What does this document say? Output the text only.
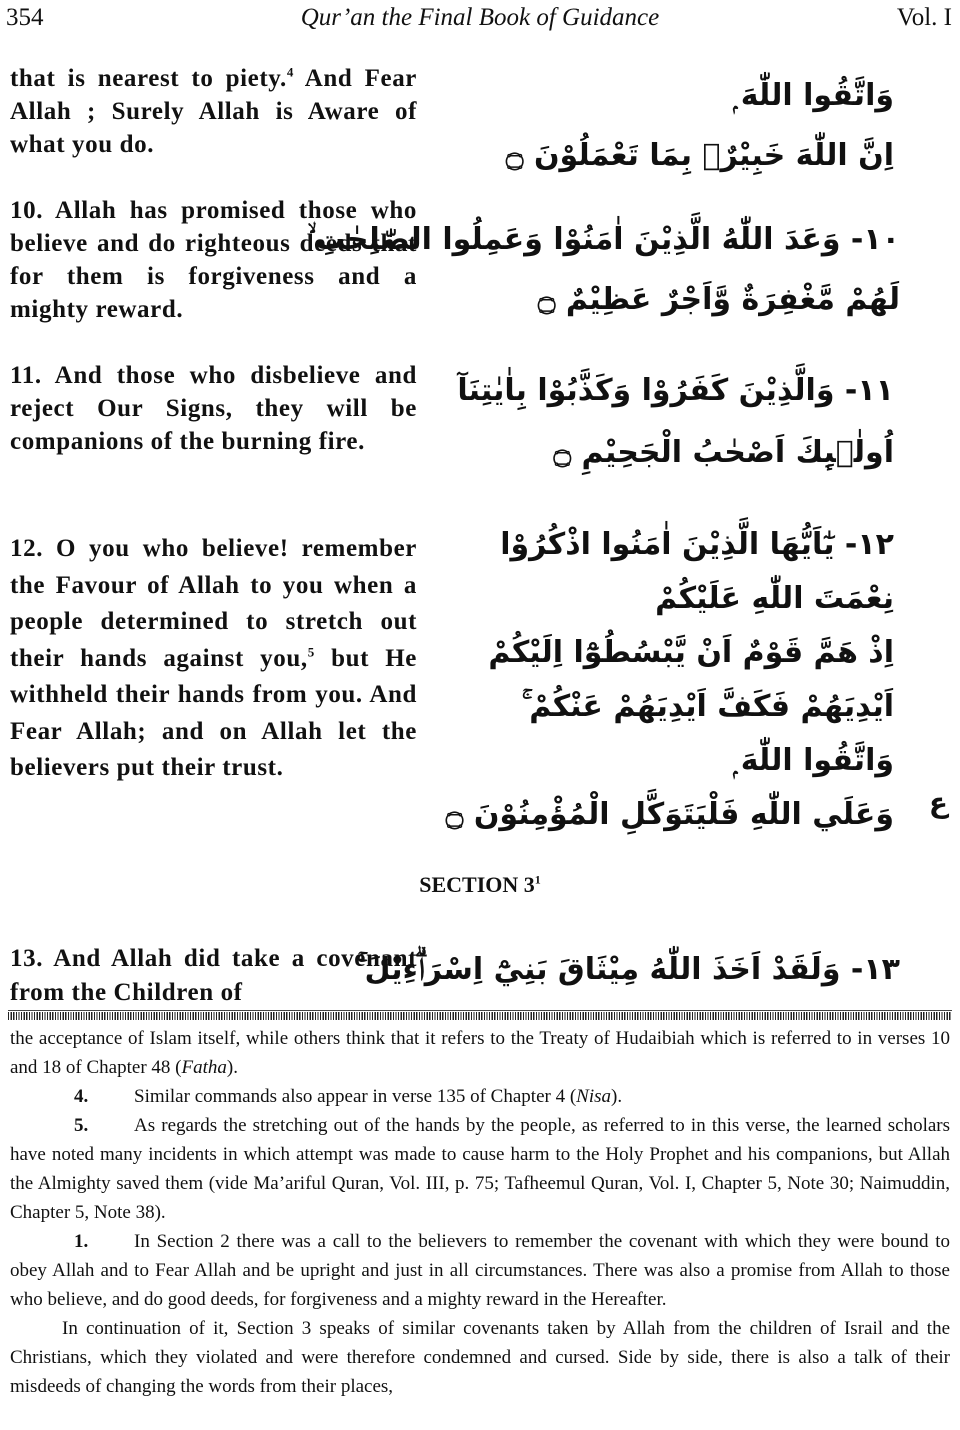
354	Qur’an the Final Book of Guidance	Vol. I
that is nearest to piety.$^4$ And Fear Allah ; Surely Allah is Aware of what you do.
وَاتَّقُوا اللّٰهَ ۭ
اِنَّ اللّٰهَ خَبِيْرٌۢ بِمَا تَعْمَلُوْنَ ۝
10. Allah has promised those who believe and do righteous deeds that for them is forgiveness and a mighty reward.
١٠- وَعَدَ اللّٰهُ الَّذِيْنَ اٰمَنُوْا وَعَمِلُوا الصّٰلِحٰتِ ۙ
لَهُمْ مَّغْفِرَةٌ وَّاَجْرٌ عَظِيْمٌ ۝
11. And those who disbelieve and reject Our Signs, they will be companions of the burning fire.
١١- وَالَّذِيْنَ كَفَرُوْا وَكَذَّبُوْا بِاٰيٰتِنَآ
اُولٰۗىِٕكَ اَصْحٰبُ الْجَحِيْمِ ۝
12. O you who believe! remember the Favour of Allah to you when a people determined to stretch out their hands against you,$^5$ but He withheld their hands from you. And Fear Allah; and on Allah let the believers put their trust.
١٢- يٰٓاَيُّهَا الَّذِيْنَ اٰمَنُوا اذْكُرُوْا
نِعْمَتَ اللّٰهِ عَلَيْكُمْ
اِذْ هَمَّ قَوْمٌ اَنْ يَّبْسُطُوْٓا اِلَيْكُمْ
اَيْدِيَهُمْ فَكَفَّ اَيْدِيَهُمْ عَنْكُمْ ۚ
وَاتَّقُوا اللّٰهَ ۭ
وَعَلَي اللّٰهِ فَلْيَتَوَكَّلِ الْمُؤْمِنُوْنَ ۝ ع
SECTION $3^1$
13. And Allah did take a covenant from the Children of
١٣- وَلَقَدْ اَخَذَ اللّٰهُ مِيْثَاقَ بَنِيْٓ اِسْرَاۗءِيْلَ ۚ

the acceptance of Islam itself, while others think that it refers to the Treaty of Hudaibiah which is referred to in verses 10 and 18 of Chapter 48 (Fatha).

4. Similar commands also appear in verse 135 of Chapter 4 (Nisa).

5. As regards the stretching out of the hands by the people, as referred to in this verse, the learned scholars have noted many incidents in which attempt was made to cause harm to the Holy Prophet and his companions, but Allah the Almighty saved them (vide Ma’ariful Quran, Vol. III, p. 75; Tafheemul Quran, Vol. I, Chapter 5, Note 30; Naimuddin, Chapter 5, Note 38).

1. In Section 2 there was a call to the believers to remember the covenant with which they were bound to obey Allah and to Fear Allah and be upright and just in all circumstances. There was also a promise from Allah to those who believe, and do good deeds, for forgiveness and a mighty reward in the Hereafter.

In continuation of it, Section 3 speaks of similar covenants taken by Allah from the children of Israil and the Christians, which they violated and were therefore condemned and cursed. Side by side, there is also a talk of their misdeeds of changing the words from their places,
